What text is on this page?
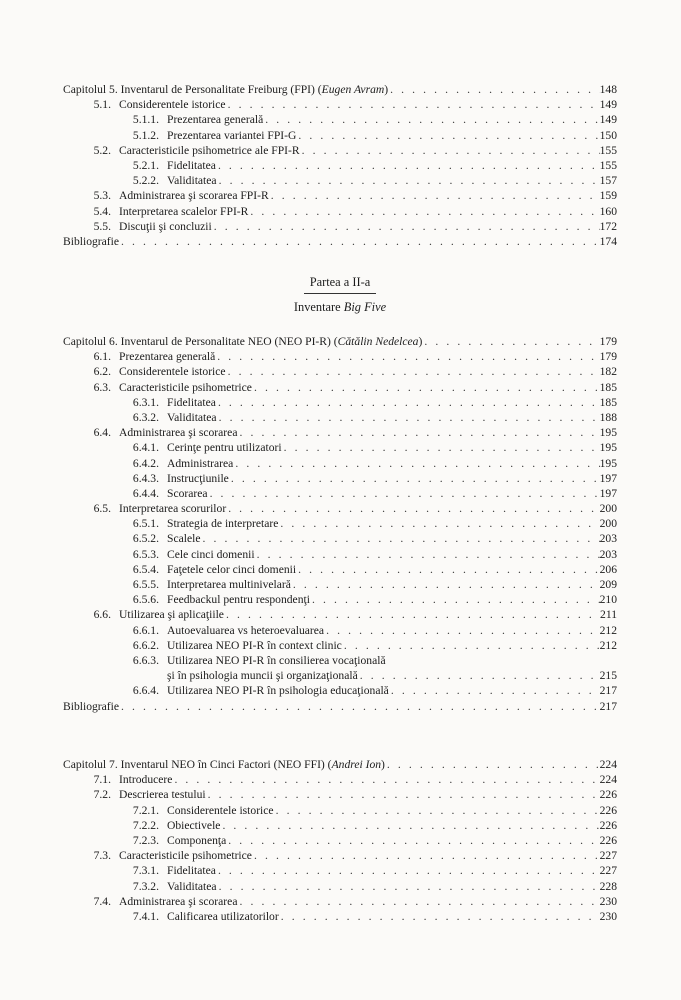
Capitolul 5. Inventarul de Personalitate Freiburg (FPI) (Eugen Avram) . . .	148
5.1. Considerentele istorice . . .	149
5.1.1. Prezentarea generală . . .	149
5.1.2. Prezentarea variantei FPI-G . . .	150
5.2. Caracteristicile psihometrice ale FPI-R . . .	155
5.2.1. Fidelitatea . . .	155
5.2.2. Validitatea . . .	157
5.3. Administrarea şi scorarea FPI-R . . .	159
5.4. Interpretarea scalelor FPI-R . . .	160
5.5. Discuţii şi concluzii . . .	172
Bibliografie . . .	174
Partea a II-a
Inventare Big Five
Capitolul 6. Inventarul de Personalitate NEO (NEO PI-R) (Cătălin Nedelcea) . . .	179
6.1. Prezentarea generală . . .	179
6.2. Considerentele istorice . . .	182
6.3. Caracteristicile psihometrice . . .	185
6.3.1. Fidelitatea . . .	185
6.3.2. Validitatea . . .	188
6.4. Administrarea şi scorarea . . .	195
6.4.1. Cerinţe pentru utilizatori . . .	195
6.4.2. Administrarea . . .	195
6.4.3. Instrucţiunile . . .	197
6.4.4. Scorarea . . .	197
6.5. Interpretarea scorurilor . . .	200
6.5.1. Strategia de interpretare . . .	200
6.5.2. Scalele . . .	203
6.5.3. Cele cinci domenii . . .	203
6.5.4. Faţetele celor cinci domenii . . .	206
6.5.5. Interpretarea multinivelară . . .	209
6.5.6. Feedbackul pentru respondenţi . . .	210
6.6. Utilizarea şi aplicaţiile . . .	211
6.6.1. Autoevaluarea vs heteroevaluarea . . .	212
6.6.2. Utilizarea NEO PI-R în context clinic . . .	212
6.6.3. Utilizarea NEO PI-R în consilierea vocaţională
şi în psihologia muncii şi organizaţională . . .	215
6.6.4. Utilizarea NEO PI-R în psihologia educaţională . . .	217
Bibliografie . . .	217
Capitolul 7. Inventarul NEO în Cinci Factori (NEO FFI) (Andrei Ion) . . .	224
7.1. Introducere . . .	224
7.2. Descrierea testului . . .	226
7.2.1. Considerentele istorice . . .	226
7.2.2. Obiectivele . . .	226
7.2.3. Componenţa . . .	226
7.3. Caracteristicile psihometrice . . .	227
7.3.1. Fidelitatea . . .	227
7.3.2. Validitatea . . .	228
7.4. Administrarea şi scorarea . . .	230
7.4.1. Calificarea utilizatorilor . . .	230
